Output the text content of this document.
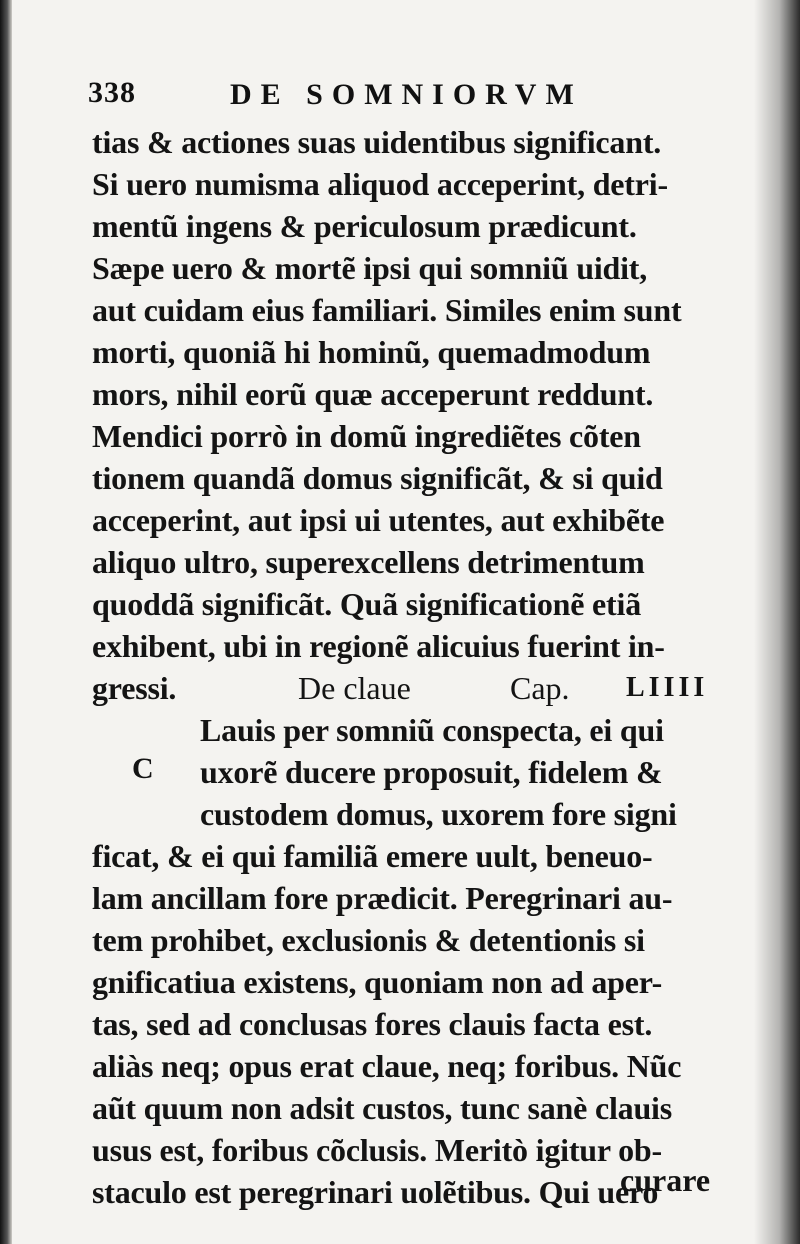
338	DE SOMNIORVM
tias & actiones suas uidentibus significant.
Si uero numisma aliquod acceperint, detri-
mentũ ingens & periculosum prædicunt.
Sæpe uero & mortẽ ipsi qui somniũ uidit,
aut cuidam eius familiari. Similes enim sunt
morti, quoniã hi hominũ, quemadmodum
mors, nihil eorũ quæ acceperunt reddunt.
Mendici porrò in domũ ingrediẽtes cõten
tionem quandã domus significãt, & si quid
acceperint, aut ipsi ui utentes, aut exhibẽte
aliquo ultro, superexcellens detrimentum
quoddã significãt. Quã significationẽ etiã
exhibent, ubi in regionẽ alicuius fuerint in-
gressi.	De claue	Cap. LIIII
Lauis per somniũ conspecta, ei qui
C uxorẽ ducere proposuit, fidelem &
custodem domus, uxorem fore signi
ficat, & ei qui familiã emere uult, beneuo-
lam ancillam fore prædicit. Peregrinari au-
tem prohibet, exclusionis & detentionis si
gnificatiua existens, quoniam non ad aper-
tas, sed ad conclusas fores clauis facta est.
aliàs neq; opus erat claue, neq; foribus. Nũc
aũt quum non adsit custos, tunc sanè clauis
usus est, foribus cõclusis. Meritò igitur ob-
staculo est peregrinari uolẽtibus. Qui uero
curare
